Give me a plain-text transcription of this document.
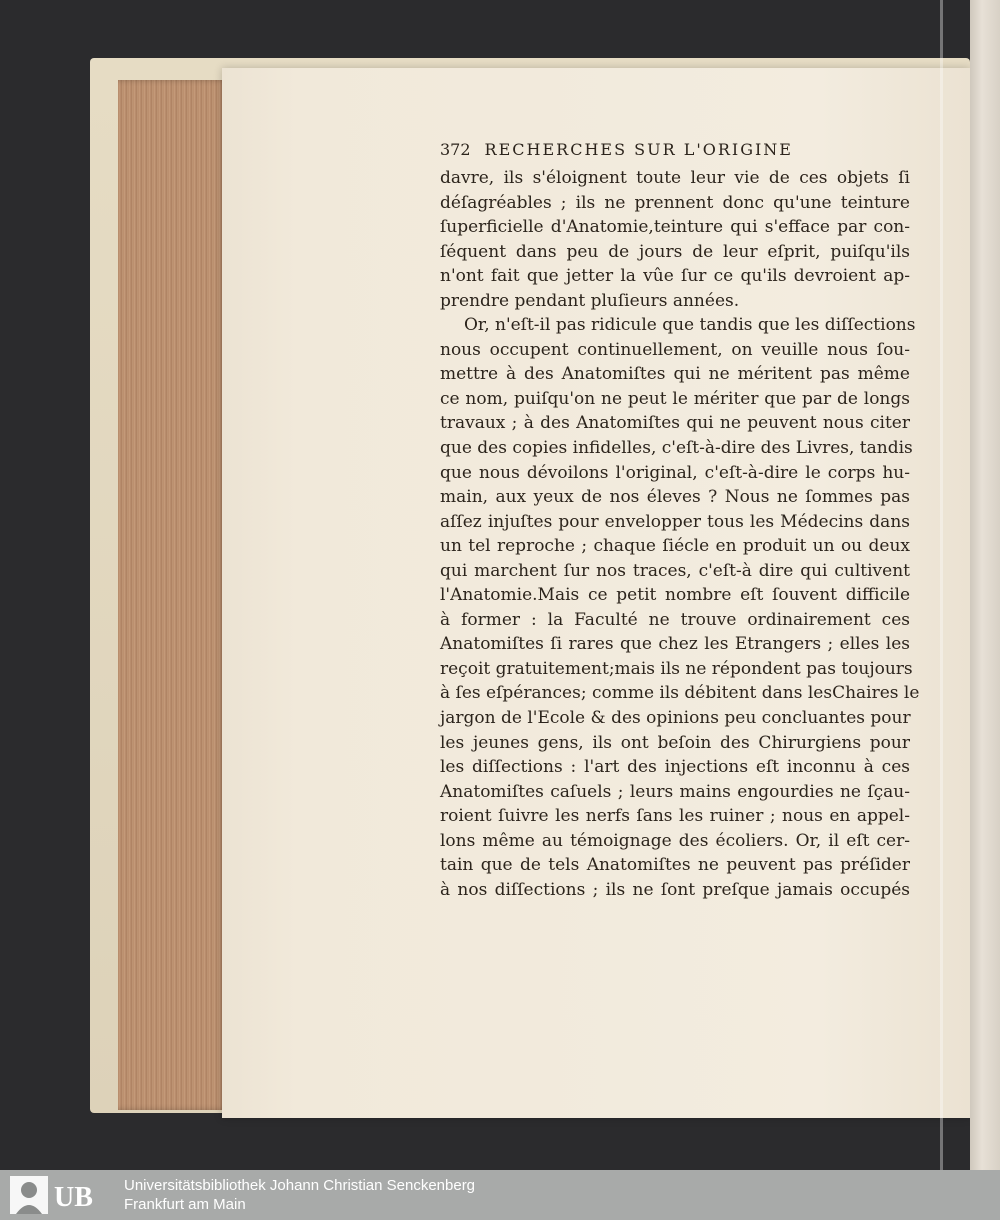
372 RECHERCHES SUR L'ORIGINE
davre, ils s'éloignent toute leur vie de ces objets ſi
déſagréables ; ils ne prennent donc qu'une teinture
ſuperficielle d'Anatomie,teinture qui s'efface par con-
ſéquent dans peu de jours de leur eſprit, puiſqu'ils
n'ont fait que jetter la vûe ſur ce qu'ils devroient ap-
prendre pendant pluſieurs années.
Or, n'eſt-il pas ridicule que tandis que les diſſections
nous occupent continuellement, on veuille nous ſou-
mettre à des Anatomiſtes qui ne méritent pas même
ce nom, puiſqu'on ne peut le mériter que par de longs
travaux ; à des Anatomiſtes qui ne peuvent nous citer
que des copies infidelles, c'eſt-à-dire des Livres, tandis
que nous dévoilons l'original, c'eſt-à-dire le corps hu-
main, aux yeux de nos éleves ? Nous ne ſommes pas
aſſez injuſtes pour envelopper tous les Médecins dans
un tel reproche ; chaque ſiécle en produit un ou deux
qui marchent ſur nos traces, c'eſt-à dire qui cultivent
l'Anatomie.Mais ce petit nombre eſt ſouvent difficile
à former : la Faculté ne trouve ordinairement ces
Anatomiſtes ſi rares que chez les Etrangers ; elles les
reçoit gratuitement;mais ils ne répondent pas toujours
à ſes eſpérances; comme ils débitent dans lesChaires le
jargon de l'Ecole & des opinions peu concluantes pour
les jeunes gens, ils ont beſoin des Chirurgiens pour
les diſſections : l'art des injections eſt inconnu à ces
Anatomiſtes caſuels ; leurs mains engourdies ne ſçau-
roient ſuivre les nerfs ſans les ruiner ; nous en appel-
lons même au témoignage des écoliers. Or, il eſt cer-
tain que de tels Anatomiſtes ne peuvent pas préſider
à nos diſſections ; ils ne ſont preſque jamais occupés
UB Universitätsbibliothek Johann Christian Senckenberg
Frankfurt am Main
